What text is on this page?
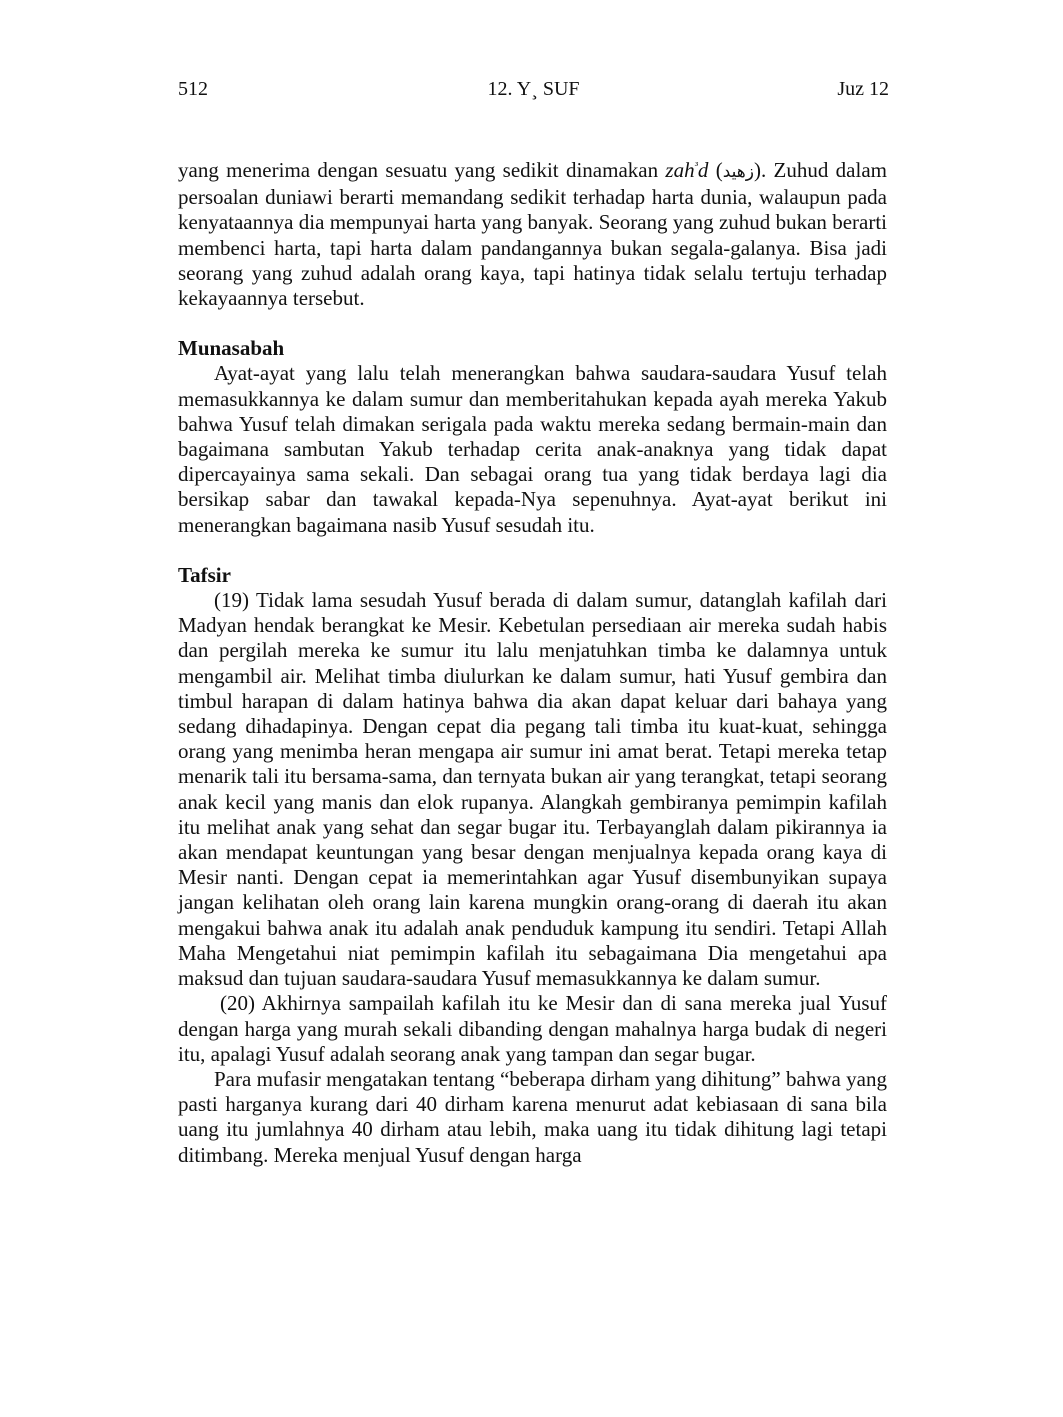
512	12. Y¸ SUF	Juz 12

yang menerima dengan sesuatu yang sedikit dinamakan zah$^{^3}$d (زهيد). Zuhud dalam persoalan duniawi berarti memandang sedikit terhadap harta dunia, walaupun pada kenyataannya dia mempunyai harta yang banyak. Seorang yang zuhud bukan berarti membenci harta, tapi harta dalam pandangannya bukan segala-galanya. Bisa jadi seorang yang zuhud adalah orang kaya, tapi hatinya tidak selalu tertuju terhadap kekayaannya tersebut.

Munasabah

Ayat-ayat yang lalu telah menerangkan bahwa saudara-saudara Yusuf telah memasukkannya ke dalam sumur dan memberitahukan kepada ayah mereka Yakub bahwa Yusuf telah dimakan serigala pada waktu mereka sedang bermain-main dan bagaimana sambutan Yakub terhadap cerita anak-anaknya yang tidak dapat dipercayainya sama sekali. Dan sebagai orang tua yang tidak berdaya lagi dia bersikap sabar dan tawakal kepada-Nya sepenuhnya. Ayat-ayat berikut ini menerangkan bagaimana nasib Yusuf sesudah itu.

Tafsir

(19) Tidak lama sesudah Yusuf berada di dalam sumur, datanglah kafilah dari Madyan hendak berangkat ke Mesir. Kebetulan persediaan air mereka sudah habis dan pergilah mereka ke sumur itu lalu menjatuhkan timba ke dalamnya untuk mengambil air. Melihat timba diulurkan ke dalam sumur, hati Yusuf gembira dan timbul harapan di dalam hatinya bahwa dia akan dapat keluar dari bahaya yang sedang dihadapinya. Dengan cepat dia pegang tali timba itu kuat-kuat, sehingga orang yang menimba heran mengapa air sumur ini amat berat. Tetapi mereka tetap menarik tali itu bersama-sama, dan ternyata bukan air yang terangkat, tetapi seorang anak kecil yang manis dan elok rupanya. Alangkah gembiranya pemimpin kafilah itu melihat anak yang sehat dan segar bugar itu. Terbayanglah dalam pikirannya ia akan mendapat keuntungan yang besar dengan menjualnya kepada orang kaya di Mesir nanti. Dengan cepat ia memerintahkan agar Yusuf disembunyikan supaya jangan kelihatan oleh orang lain karena mungkin orang-orang di daerah itu akan mengakui bahwa anak itu adalah anak penduduk kampung itu sendiri. Tetapi Allah Maha Mengetahui niat pemimpin kafilah itu sebagaimana Dia mengetahui apa maksud dan tujuan saudara-saudara Yusuf memasukkannya ke dalam sumur.

(20) Akhirnya sampailah kafilah itu ke Mesir dan di sana mereka jual Yusuf dengan harga yang murah sekali dibanding dengan mahalnya harga budak di negeri itu, apalagi Yusuf adalah seorang anak yang tampan dan segar bugar.

Para mufasir mengatakan tentang “beberapa dirham yang dihitung” bahwa yang pasti harganya kurang dari 40 dirham karena menurut adat kebiasaan di sana bila uang itu jumlahnya 40 dirham atau lebih, maka uang itu tidak dihitung lagi tetapi ditimbang. Mereka menjual Yusuf dengan harga
